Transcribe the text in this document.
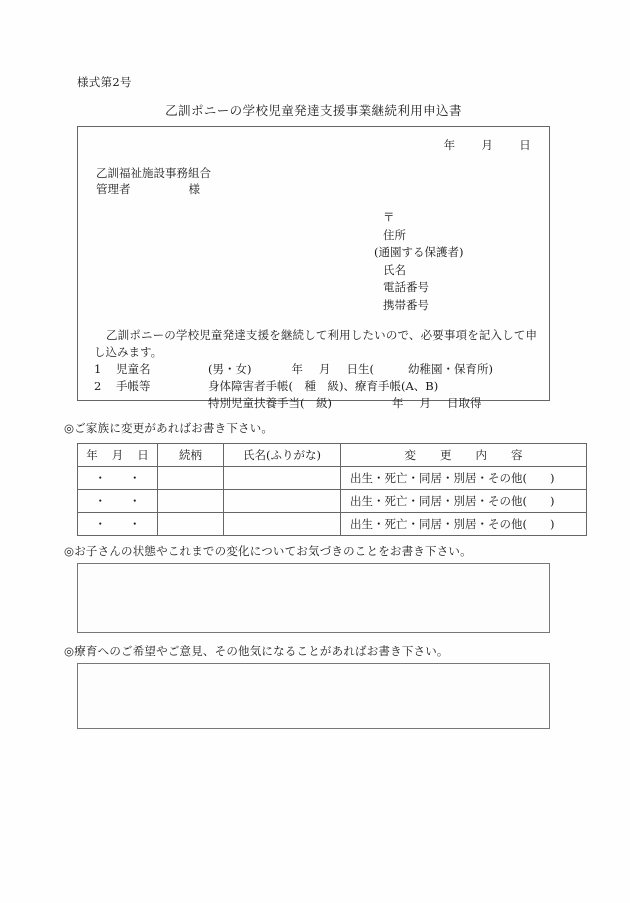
様式第2号
乙訓ポニーの学校児童発達支援事業継続利用申込書
年 月 日
乙訓福祉施設事務組合
管理者	様
〒
住所
(通園する保護者)
氏名
電話番号
携帯番号
乙訓ポニーの学校児童発達支援を継続して利用したいので、必要事項を記入して申し込みます。
1 児童名	(男・女)	年 月 日生(	幼稚園・保育所)
2 手帳等	身体障害者手帳(　種　級)、療育手帳(A、B)
特別児童扶養手当(　級)	年 月 日取得
◎ご家族に変更があればお書き下さい。
年 月 日	続柄	氏名(ふりがな)	変 更 内 容
・　　・			出生・死亡・同居・別居・その他(　　)
・　　・			出生・死亡・同居・別居・その他(　　)
・　　・			出生・死亡・同居・別居・その他(　　)
◎お子さんの状態やこれまでの変化についてお気づきのことをお書き下さい。
◎療育へのご希望やご意見、その他気になることがあればお書き下さい。
